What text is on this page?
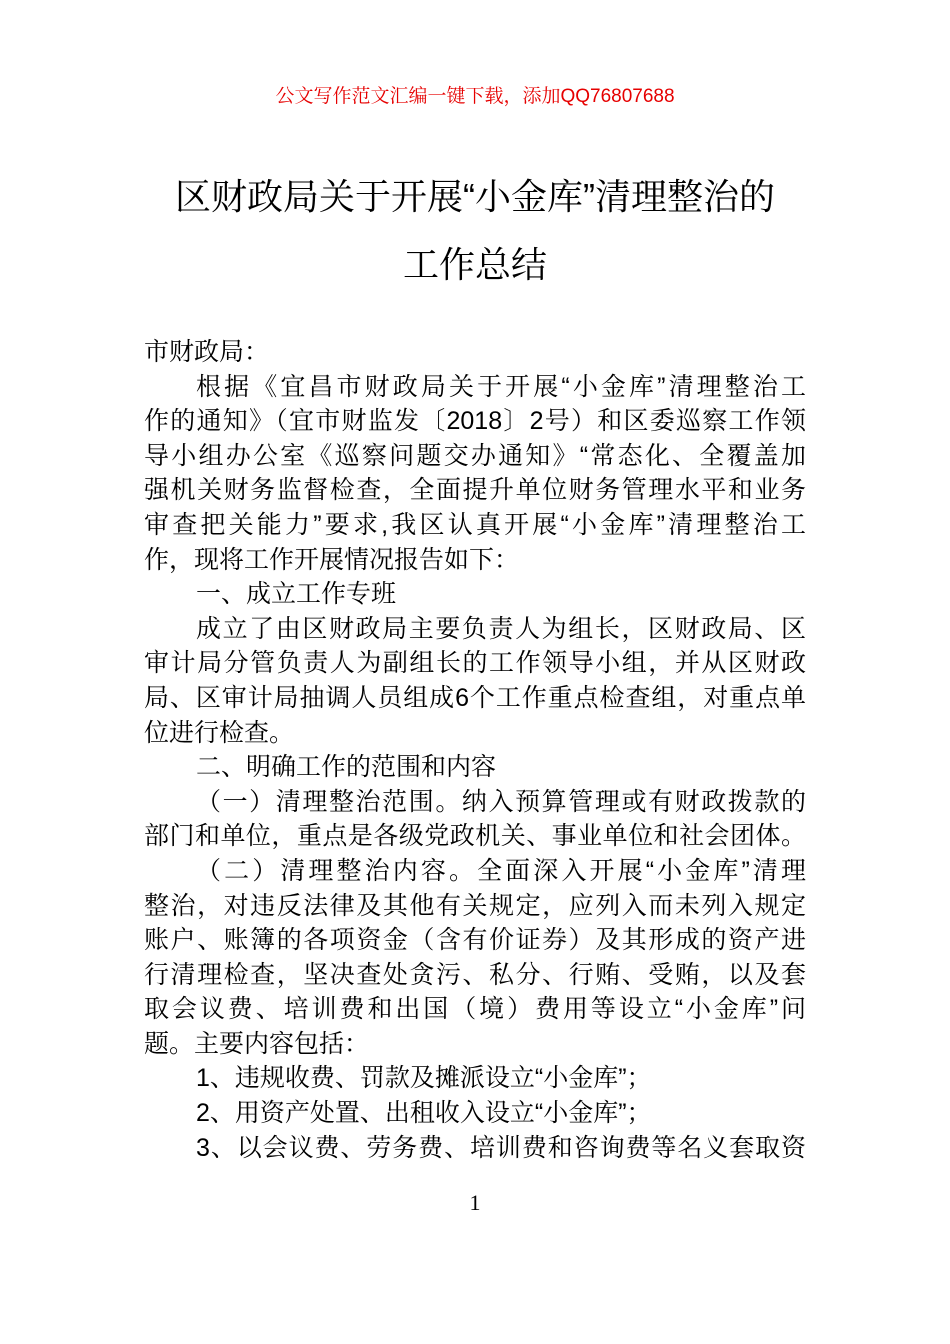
公文写作范文汇编一键下载，添加QQ76807688
区财政局关于开展“小金库”清理整治的
工作总结
市财政局：
根据《宜昌市财政局关于开展“小金库”清理整治工
作的通知》（宜市财监发〔2018〕2号）和区委巡察工作领
导小组办公室《巡察问题交办通知》“常态化、全覆盖加
强机关财务监督检查，全面提升单位财务管理水平和业务
审查把关能力”要求,我区认真开展“小金库”清理整治工
作，现将工作开展情况报告如下：
一、成立工作专班
成立了由区财政局主要负责人为组长，区财政局、区
审计局分管负责人为副组长的工作领导小组，并从区财政
局、区审计局抽调人员组成6个工作重点检查组，对重点单
位进行检查。
二、明确工作的范围和内容
（一）清理整治范围。纳入预算管理或有财政拨款的
部门和单位，重点是各级党政机关、事业单位和社会团体。
（二）清理整治内容。全面深入开展“小金库”清理
整治，对违反法律及其他有关规定，应列入而未列入规定
账户、账簿的各项资金（含有价证券）及其形成的资产进
行清理检查，坚决查处贪污、私分、行贿、受贿，以及套
取会议费、培训费和出国（境）费用等设立“小金库”问
题。主要内容包括：
1、违规收费、罚款及摊派设立“小金库”；
2、用资产处置、出租收入设立“小金库”；
3、以会议费、劳务费、培训费和咨询费等名义套取资
1
